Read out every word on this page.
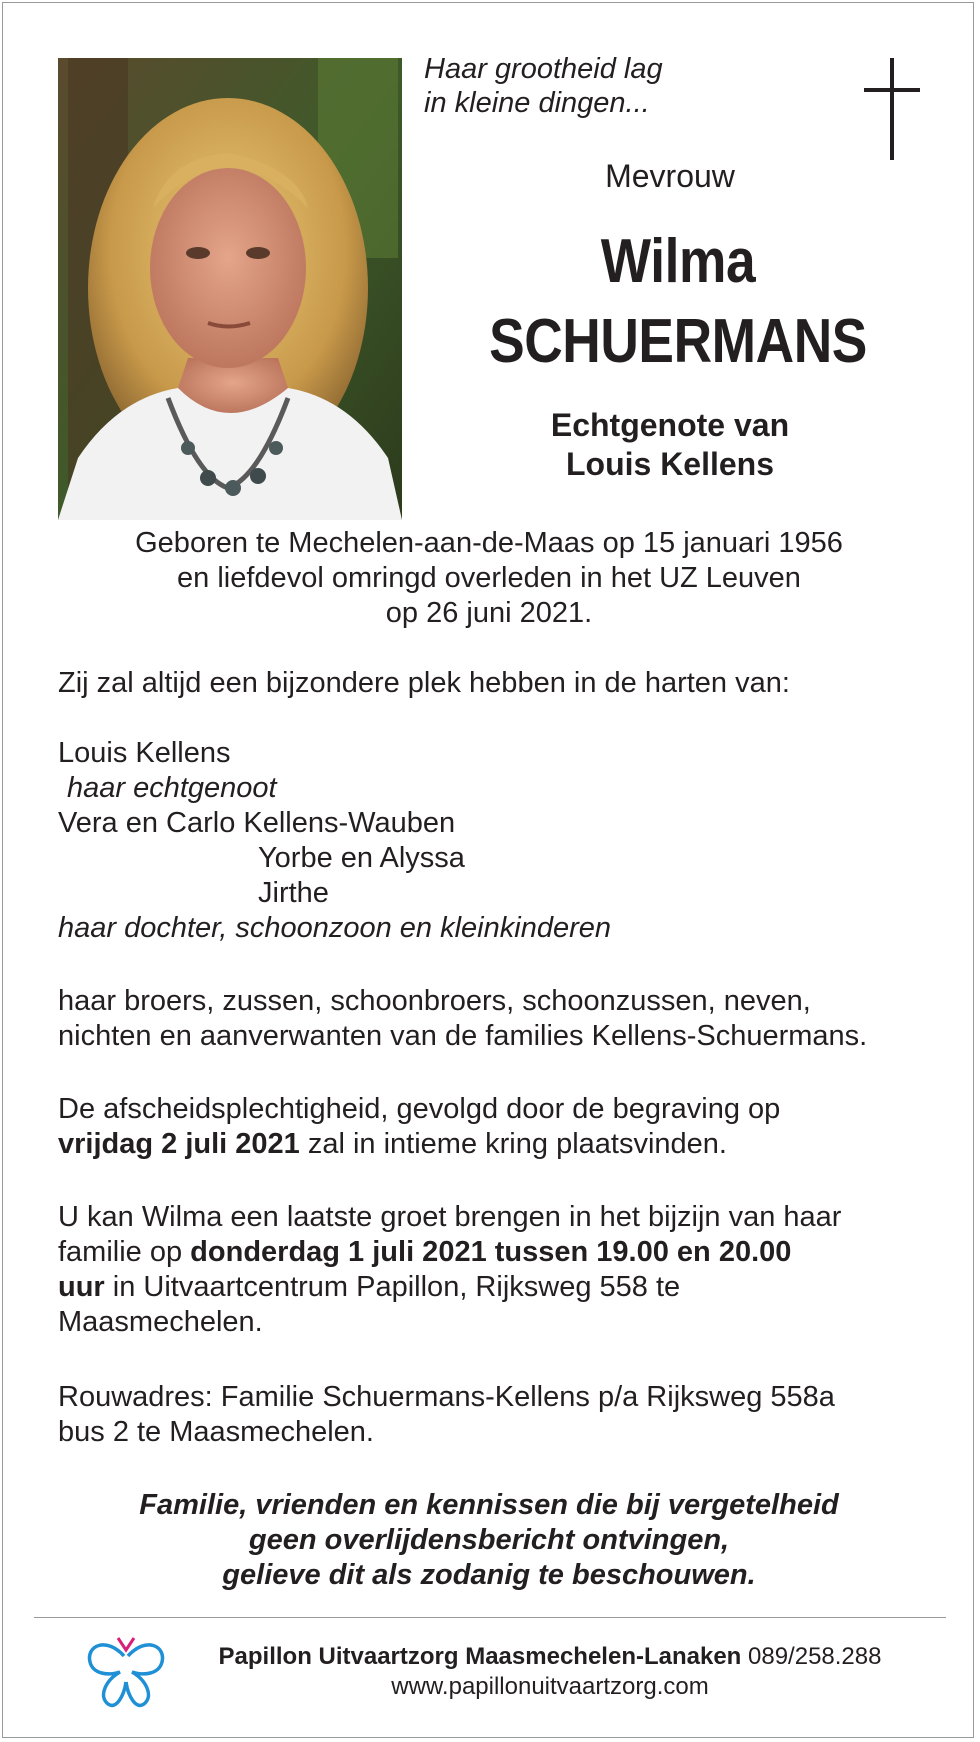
Haar grootheid lag
in kleine dingen...
Mevrouw
Wilma
SCHUERMANS
Echtgenote van
Louis Kellens
Geboren te Mechelen-aan-de-Maas op 15 januari 1956
en liefdevol omringd overleden in het UZ Leuven
op 26 juni 2021.

Zij zal altijd een bijzondere plek hebben in de harten van:

Louis Kellens

haar echtgenoot

Vera en Carlo Kellens-Wauben

Yorbe en Alyssa

Jirthe

haar dochter, schoonzoon en kleinkinderen

haar broers, zussen, schoonbroers, schoonzussen, neven,

nichten en aanverwanten van de families Kellens-Schuermans.

De afscheidsplechtigheid, gevolgd door de begraving op

vrijdag 2 juli 2021 zal in intieme kring plaatsvinden.

U kan Wilma een laatste groet brengen in het bijzijn van haar

familie op donderdag 1 juli 2021 tussen 19.00 en 20.00

uur in Uitvaartcentrum Papillon, Rijksweg 558 te

Maasmechelen.

Rouwadres: Familie Schuermans-Kellens p/a Rijksweg 558a

bus 2 te Maasmechelen.

Familie, vrienden en kennissen die bij vergetelheid
geen overlijdensbericht ontvingen,
gelieve dit als zodanig te beschouwen.
Papillon Uitvaartzorg Maasmechelen-Lanaken 089/258.288
www.papillonuitvaartzorg.com
